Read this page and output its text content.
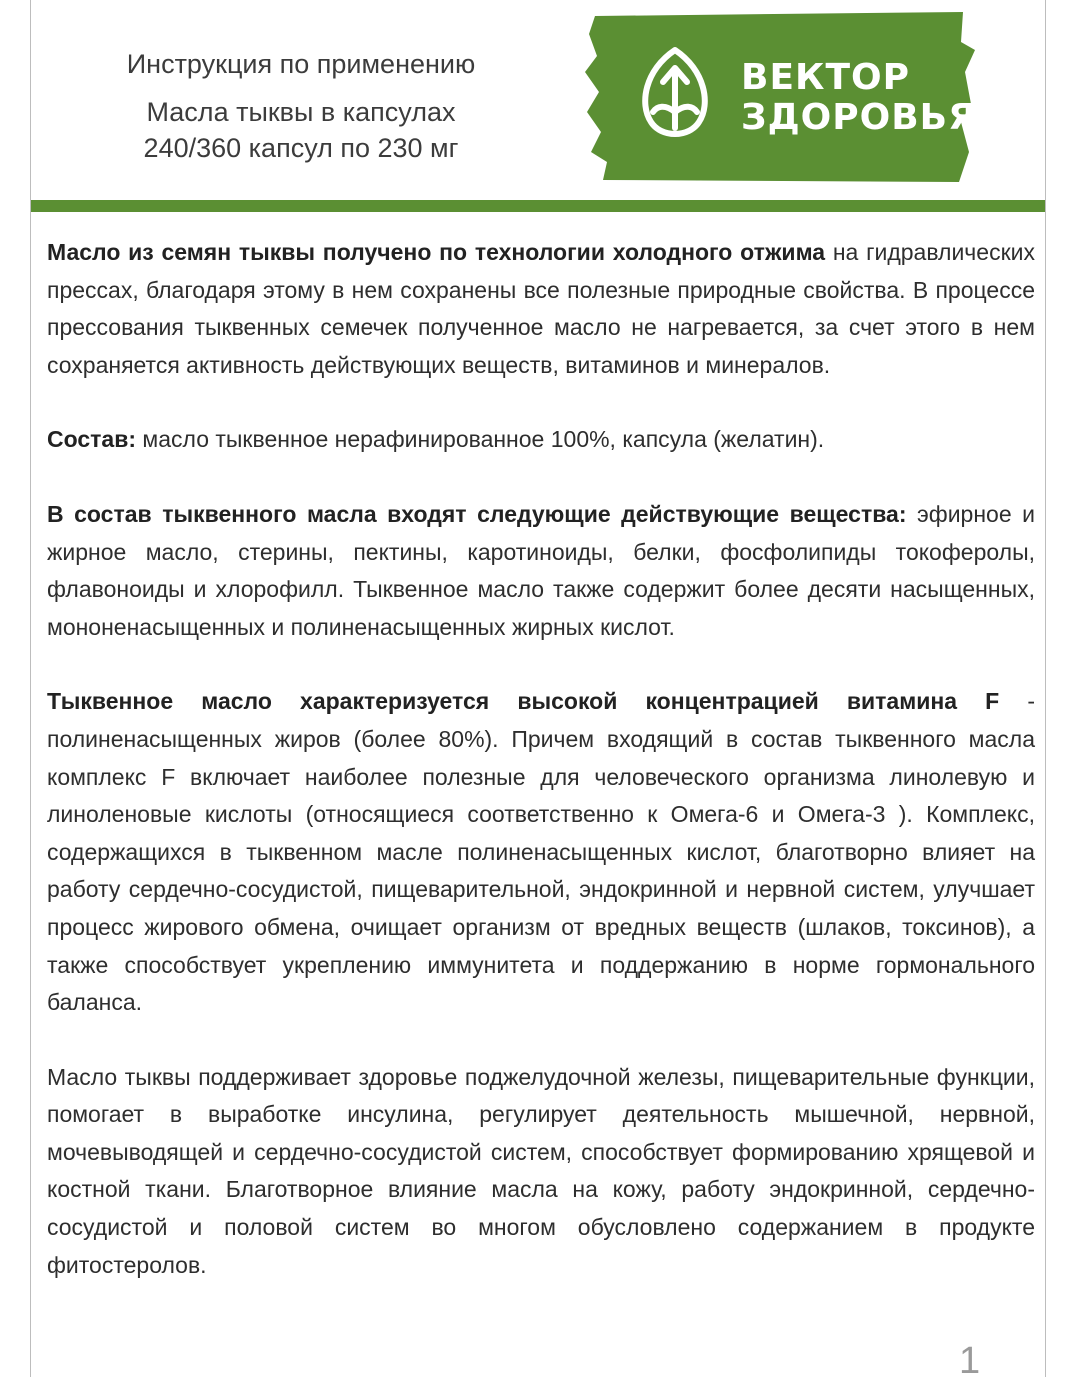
Инструкция по применению
Масла тыквы в капсулах
240/360 капсул по 230 мг
ВЕКТОР
ЗДОРОВЬЯ

Масло из семян тыквы получено по технологии холодного отжима на гидравлических прессах, благодаря этому в нем сохранены все полезные природные свойства. В процессе прессования тыквенных семечек полученное масло не нагревается, за счет этого в нем сохраняется активность действующих веществ, витаминов и минералов.

Состав: масло тыквенное нерафинированное 100%, капсула (желатин).

В состав тыквенного масла входят следующие действующие вещества: эфирное и жирное масло, стерины, пектины, каротиноиды, белки, фосфолипиды токоферолы, флавоноиды и хлорофилл. Тыквенное масло также содержит более десяти насыщенных, мононенасыщенных и полиненасыщенных жирных кислот.

Тыквенное масло характеризуется высокой концентрацией витамина F - полиненасыщенных жиров (более 80%). Причем входящий в состав тыквенного масла комплекс F включает наиболее полезные для человеческого организма линолевую и линоленовые кислоты (относящиеся соответственно к Омега-6 и Омега-3 ). Комплекс, содержащихся в тыквенном масле полиненасыщенных кислот, благотворно влияет на работу сердечно-сосудистой, пищеварительной, эндокринной и нервной систем, улучшает процесс жирового обмена, очищает организм от вредных веществ (шлаков, токсинов), а также способствует укреплению иммунитета и поддержанию в норме гормонального баланса.

Масло тыквы поддерживает здоровье поджелудочной железы, пищеварительные функции, помогает в выработке инсулина, регулирует деятельность мышечной, нервной, мочевыводящей и сердечно-сосудистой систем, способствует формированию хрящевой и костной ткани. Благотворное влияние масла на кожу, работу эндокринной, сердечно-сосудистой и половой систем во многом обусловлено содержанием в продукте фитостеролов.

1
